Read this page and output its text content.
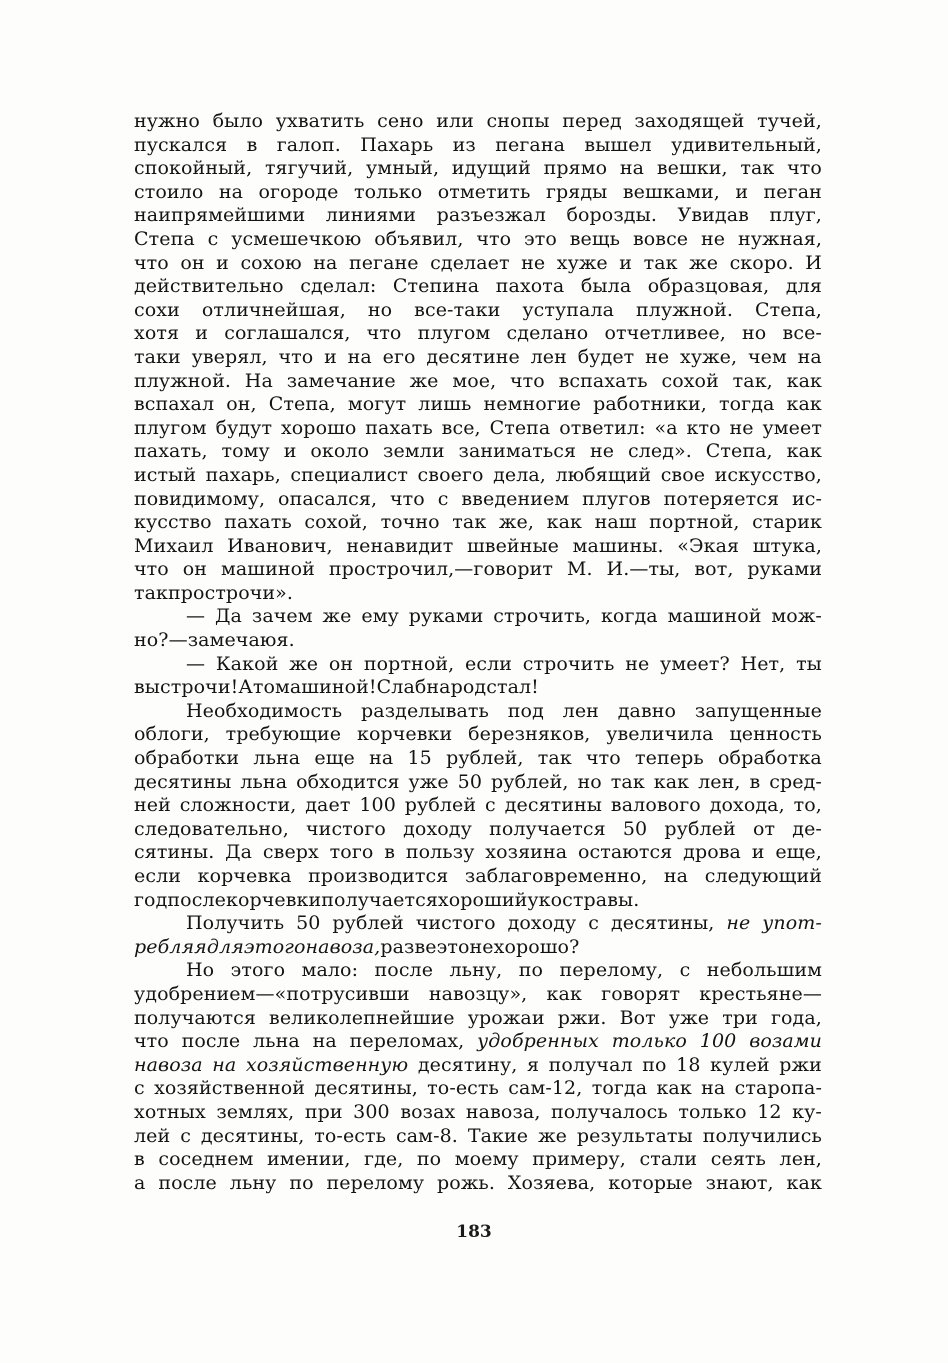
нужно было ухватить сено или снопы перед заходящей тучей,
пускался в галоп. Пахарь из пегана вышел удивительный,
спокойный, тягучий, умный, идущий прямо на вешки, так что
стоило на огороде только отметить гряды вешками, и пеган
наипрямейшими линиями разъезжал борозды. Увидав плуг,
Степа с усмешечкою объявил, что это вещь вовсе не нужная,
что он и сохою на пегане сделает не хуже и так же скоро. И
действительно сделал: Степина пахота была образцовая, для
сохи отличнейшая, но все-таки уступала плужной. Степа,
хотя и соглашался, что плугом сделано отчетливее, но все-
таки уверял, что и на его десятине лен будет не хуже, чем на
плужной. На замечание же мое, что вспахать сохой так, как
вспахал он, Степа, могут лишь немногие работники, тогда как
плугом будут хорошо пахать все, Степа ответил: «а кто не умеет
пахать, тому и около земли заниматься не след». Степа, как
истый пахарь, специалист своего дела, любящий свое искусство,
повидимому, опасался, что с введением плугов потеряется ис-
кусство пахать сохой, точно так же, как наш портной, старик
Михаил Иванович, ненавидит швейные машины. «Экая штука,
что он машиной прострочил,—говорит М. И.—ты, вот, руками
так прострочи».
— Да зачем же ему руками строчить, когда машиной мож-
но?—замечаю я.
— Какой же он портной, если строчить не умеет? Нет, ты
выстрочи! А то машиной! Слаб народ стал!
Необходимость разделывать под лен давно запущенные
облоги, требующие корчевки березняков, увеличила ценность
обработки льна еще на 15 рублей, так что теперь обработка
десятины льна обходится уже 50 рублей, но так как лен, в сред-
ней сложности, дает 100 рублей с десятины валового дохода, то,
следовательно, чистого доходу получается 50 рублей от де-
сятины. Да сверх того в пользу хозяина остаются дрова и еще,
если корчевка производится заблаговременно, на следующий
год после корчевки получается хороший укос травы.
Получить 50 рублей чистого доходу с десятины, не упот-
ребляя для этого навоза, разве это не хорошо?
Но этого мало: после льну, по перелому, с небольшим
удобрением—«потрусивши навозцу», как говорят крестьяне—
получаются великолепнейшие урожаи ржи. Вот уже три года,
что после льна на переломах, удобренных только 100 возами
навоза на хозяйственную десятину, я получал по 18 кулей ржи
с хозяйственной десятины, то-есть сам-12, тогда как на старопа-
хотных землях, при 300 возах навоза, получалось только 12 ку-
лей с десятины, то-есть сам-8. Такие же результаты получились
в соседнем имении, где, по моему примеру, стали сеять лен,
а после льну по перелому рожь. Хозяева, которые знают, как
183
